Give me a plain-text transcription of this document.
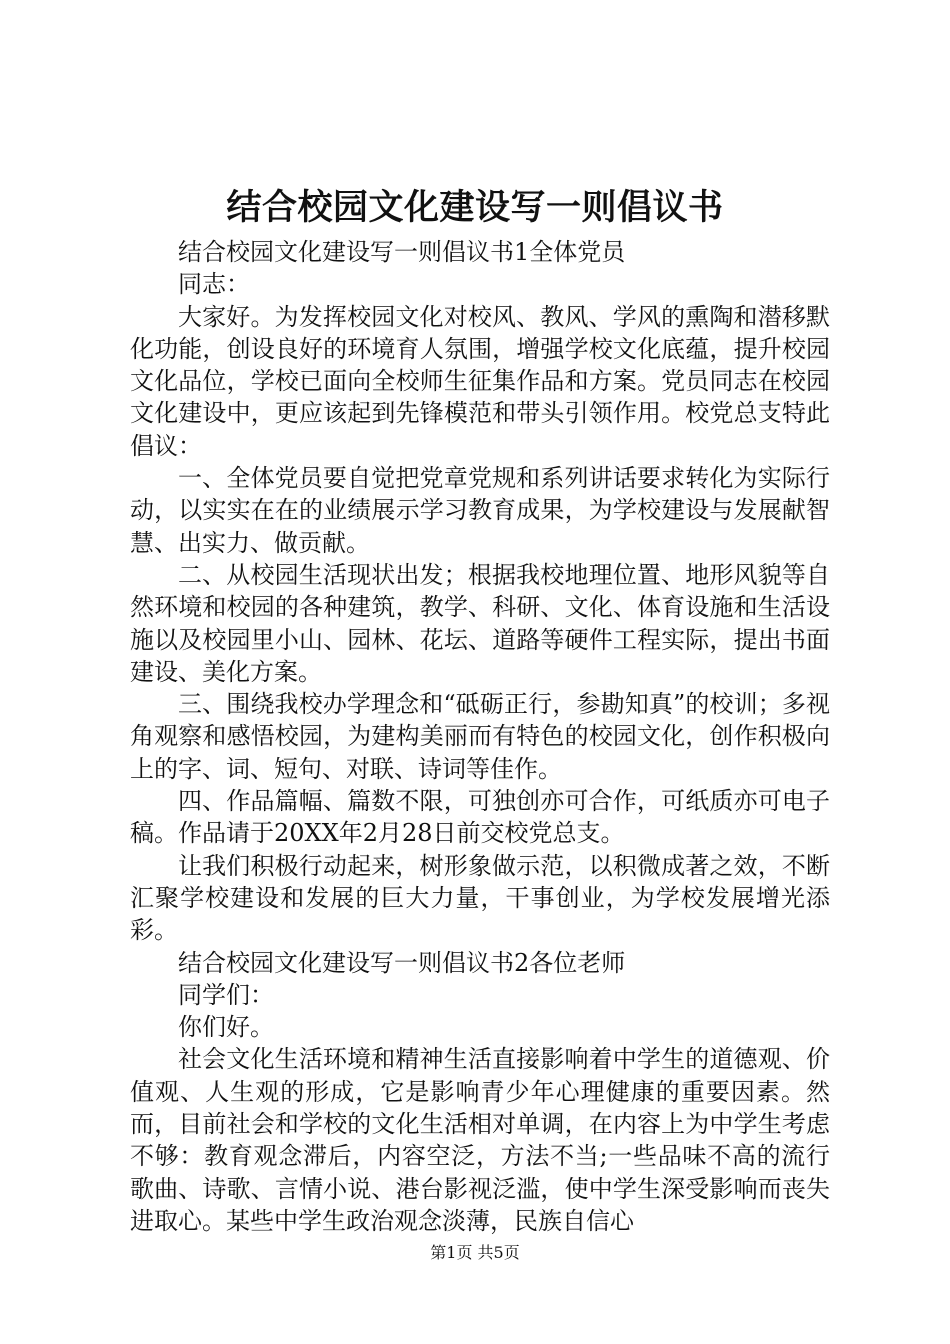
结合校园文化建设写一则倡议书

结合校园文化建设写一则倡议书1全体党员

同志：

大家好。为发挥校园文化对校风、教风、学风的熏陶和潜移默化功能，创设良好的环境育人氛围，增强学校文化底蕴，提升校园文化品位，学校已面向全校师生征集作品和方案。党员同志在校园文化建设中，更应该起到先锋模范和带头引领作用。校党总支特此倡议：

一、全体党员要自觉把党章党规和系列讲话要求转化为实际行动，以实实在在的业绩展示学习教育成果，为学校建设与发展献智慧、出实力、做贡献。

二、从校园生活现状出发；根据我校地理位置、地形风貌等自然环境和校园的各种建筑，教学、科研、文化、体育设施和生活设施以及校园里小山、园林、花坛、道路等硬件工程实际，提出书面建设、美化方案。

三、围绕我校办学理念和“砥砺正行，参勘知真”的校训；多视角观察和感悟校园，为建构美丽而有特色的校园文化，创作积极向上的字、词、短句、对联、诗词等佳作。

四、作品篇幅、篇数不限，可独创亦可合作，可纸质亦可电子稿。作品请于20XX年2月28日前交校党总支。

让我们积极行动起来，树形象做示范，以积微成著之效，不断汇聚学校建设和发展的巨大力量，干事创业，为学校发展增光添彩。

结合校园文化建设写一则倡议书2各位老师

同学们：

你们好。

社会文化生活环境和精神生活直接影响着中学生的道德观、价值观、人生观的形成，它是影响青少年心理健康的重要因素。然而，目前社会和学校的文化生活相对单调，在内容上为中学生考虑不够：教育观念滞后，内容空泛，方法不当;一些品味不高的流行歌曲、诗歌、言情小说、港台影视泛滥，使中学生深受影响而丧失进取心。某些中学生政治观念淡薄，民族自信心

第1页 共5页
